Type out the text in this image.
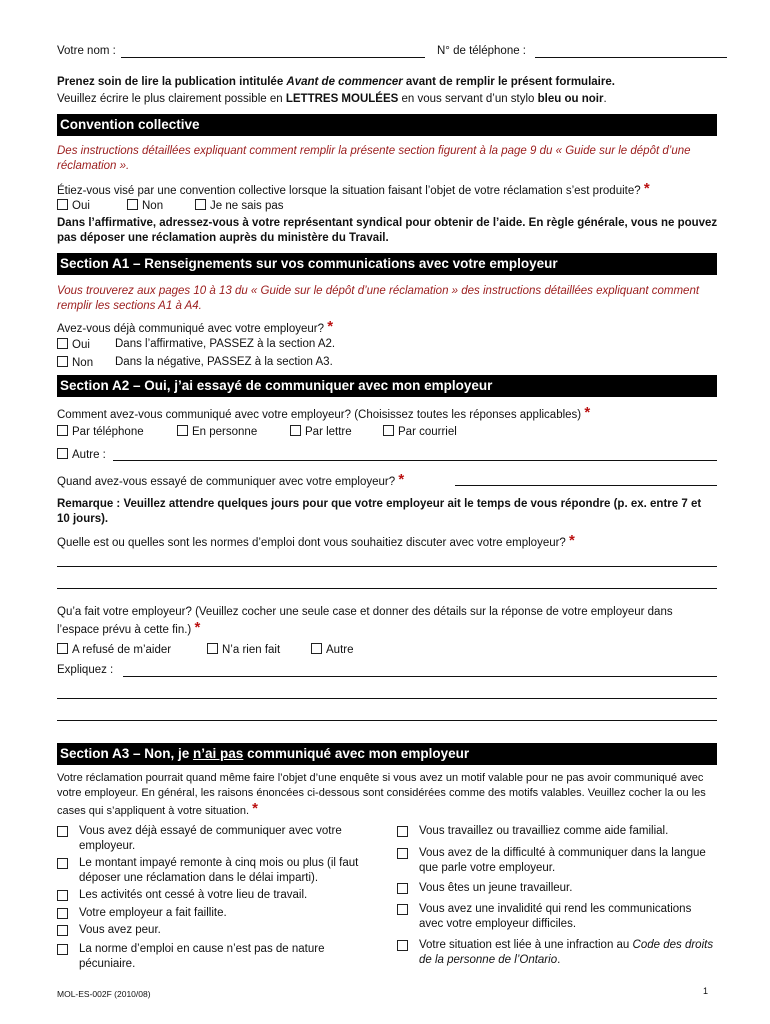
Votre nom :	N° de téléphone :
Prenez soin de lire la publication intitulée Avant de commencer avant de remplir le présent formulaire.
Veuillez écrire le plus clairement possible en LETTRES MOULÉES en vous servant d’un stylo bleu ou noir.
Convention collective
Des instructions détaillées expliquant comment remplir la présente section figurent à la page 9 du « Guide sur le dépôt d’une réclamation ».
Étiez-vous visé par une convention collective lorsque la situation faisant l’objet de votre réclamation s’est produite? *
Oui	Non	Je ne sais pas
Dans l’affirmative, adressez-vous à votre représentant syndical pour obtenir de l’aide. En règle générale, vous ne pouvez pas déposer une réclamation auprès du ministère du Travail.
Section A1 – Renseignements sur vos communications avec votre employeur
Vous trouverez aux pages 10 à 13 du « Guide sur le dépôt d’une réclamation » des instructions détaillées expliquant comment remplir les sections A1 à A4.
Avez-vous déjà communiqué avec votre employeur? *
Oui Dans l’affirmative, PASSEZ à la section A2.
Non Dans la négative, PASSEZ à la section A3.
Section A2 – Oui, j’ai essayé de communiquer avec mon employeur
Comment avez-vous communiqué avec votre employeur? (Choisissez toutes les réponses applicables) *
Par téléphone	En personne	Par lettre	Par courriel
Autre :
Quand avez-vous essayé de communiquer avec votre employeur? *
Remarque : Veuillez attendre quelques jours pour que votre employeur ait le temps de vous répondre (p. ex. entre 7 et 10 jours).
Quelle est ou quelles sont les normes d’emploi dont vous souhaitiez discuter avec votre employeur? *
Qu’a fait votre employeur? (Veuillez cocher une seule case et donner des détails sur la réponse de votre employeur dans l’espace prévu à cette fin.) *
A refusé de m’aider	N’a rien fait	Autre
Expliquez :
Section A3 – Non, je n’ai pas communiqué avec mon employeur
Votre réclamation pourrait quand même faire l’objet d’une enquête si vous avez un motif valable pour ne pas avoir communiqué avec votre employeur. En général, les raisons énoncées ci-dessous sont considérées comme des motifs valables. Veuillez cocher la ou les cases qui s’appliquent à votre situation. *
Vous avez déjà essayé de communiquer avec votre employeur.
Le montant impayé remonte à cinq mois ou plus (il faut déposer une réclamation dans le délai imparti).
Les activités ont cessé à votre lieu de travail.
Votre employeur a fait faillite.
Vous avez peur.
La norme d’emploi en cause n’est pas de nature pécuniaire.
Vous travaillez ou travailliez comme aide familial.
Vous avez de la difficulté à communiquer dans la langue que parle votre employeur.
Vous êtes un jeune travailleur.
Vous avez une invalidité qui rend les communications avec votre employeur difficiles.
Votre situation est liée à une infraction au Code des droits de la personne de l’Ontario.
MOL-ES-002F (2010/08)	1
